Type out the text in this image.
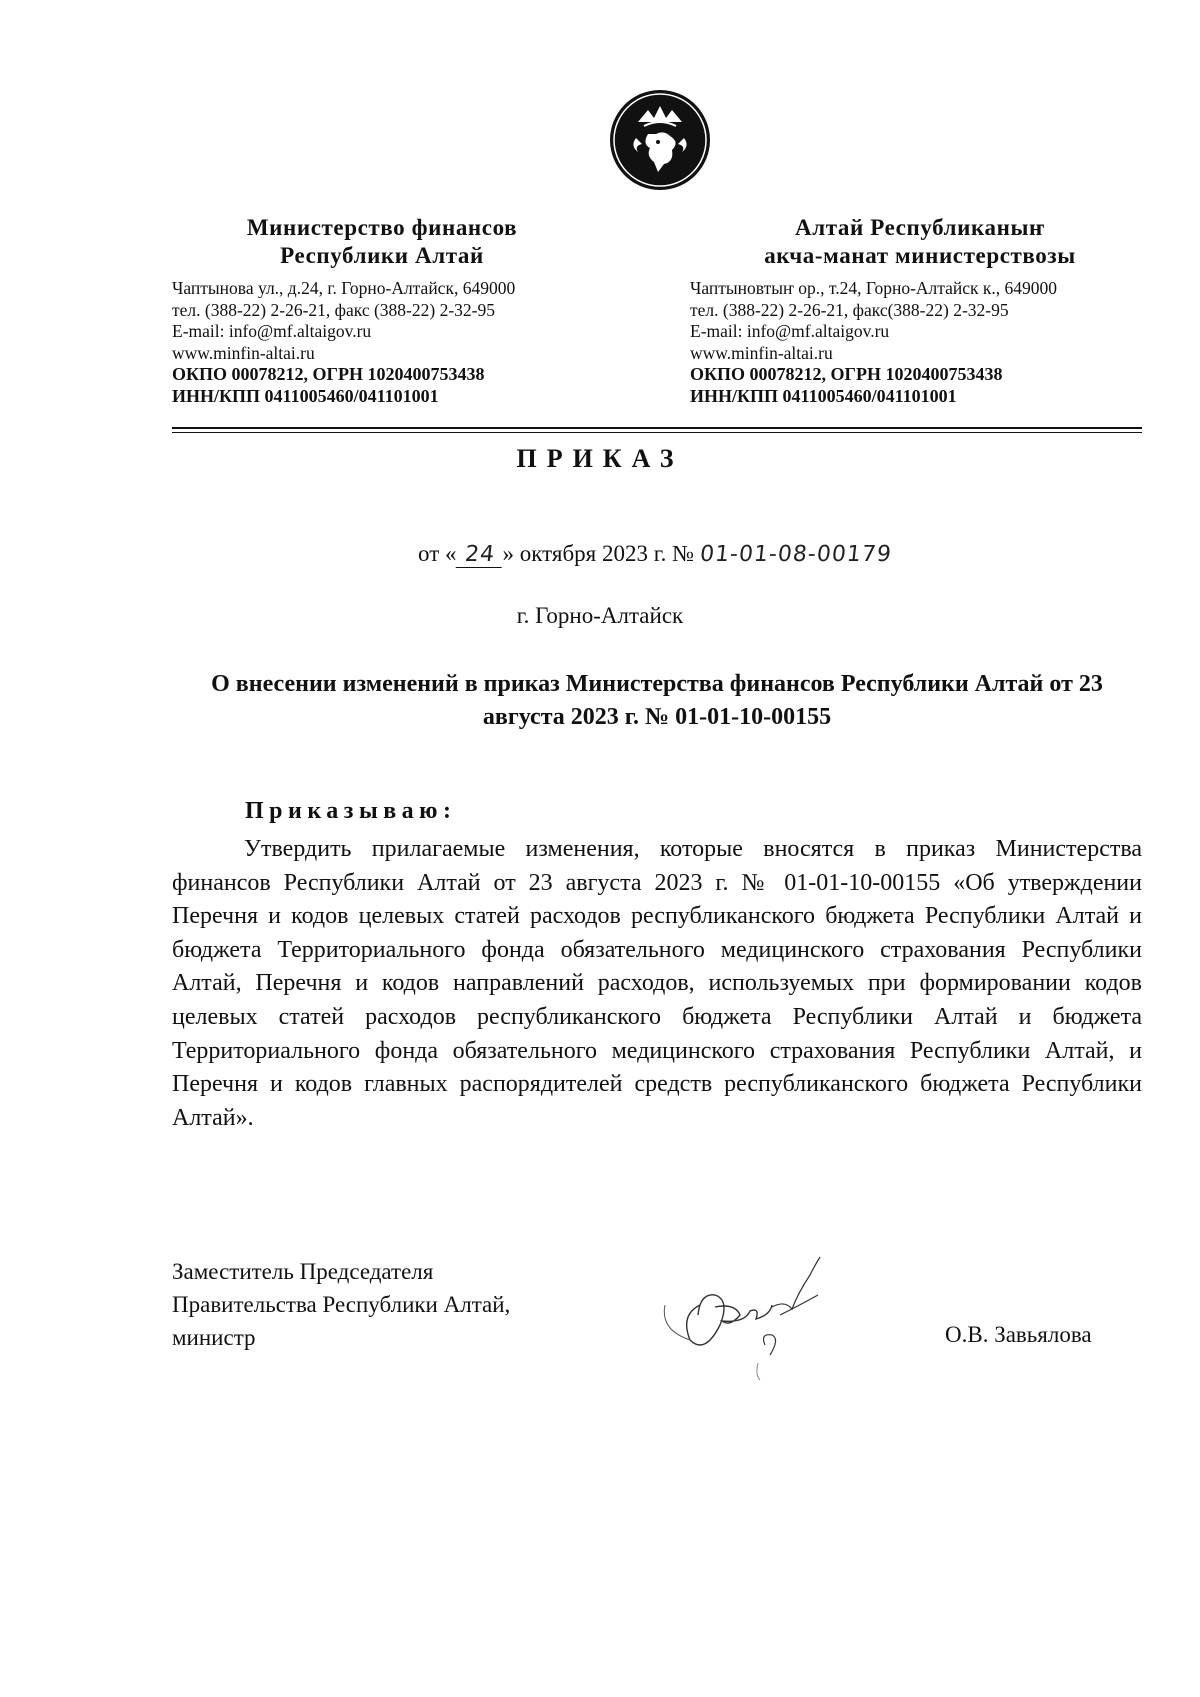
Министерство финансов
Республики Алтай
Чаптынова ул., д.24, г. Горно-Алтайск, 649000
тел. (388-22) 2-26-21, факс (388-22) 2-32-95
E-mail: info@mf.altaigov.ru
www.minfin-altai.ru
ОКПО 00078212, ОГРН 1020400753438
ИНН/КПП 0411005460/041101001
Алтай Республиканыҥ
акча-манат министерствозы
Чаптыновтыҥ ор., т.24, Горно-Алтайск к., 649000
тел. (388-22) 2-26-21, факс(388-22) 2-32-95
E-mail: info@mf.altaigov.ru
www.minfin-altai.ru
ОКПО 00078212, ОГРН 1020400753438
ИНН/КПП 0411005460/041101001
ПРИКАЗ
от « 24 » октября 2023 г. № 01-01-08-00179
г. Горно-Алтайск
О внесении изменений в приказ Министерства финансов Республики Алтай от 23 августа 2023 г. № 01-01-10-00155
Приказываю:

Утвердить прилагаемые изменения, которые вносятся в приказ Министерства финансов Республики Алтай от 23 августа 2023 г. № 01-01-10-00155 «Об утверждении Перечня и кодов целевых статей расходов республиканского бюджета Республики Алтай и бюджета Территориального фонда обязательного медицинского страхования Республики Алтай, Перечня и кодов направлений расходов, используемых при формировании кодов целевых статей расходов республиканского бюджета Республики Алтай и бюджета Территориального фонда обязательного медицинского страхования Республики Алтай, и Перечня и кодов главных распорядителей средств республиканского бюджета Республики Алтай».

Заместитель Председателя
Правительства Республики Алтай,
министр	О.В. Завьялова
